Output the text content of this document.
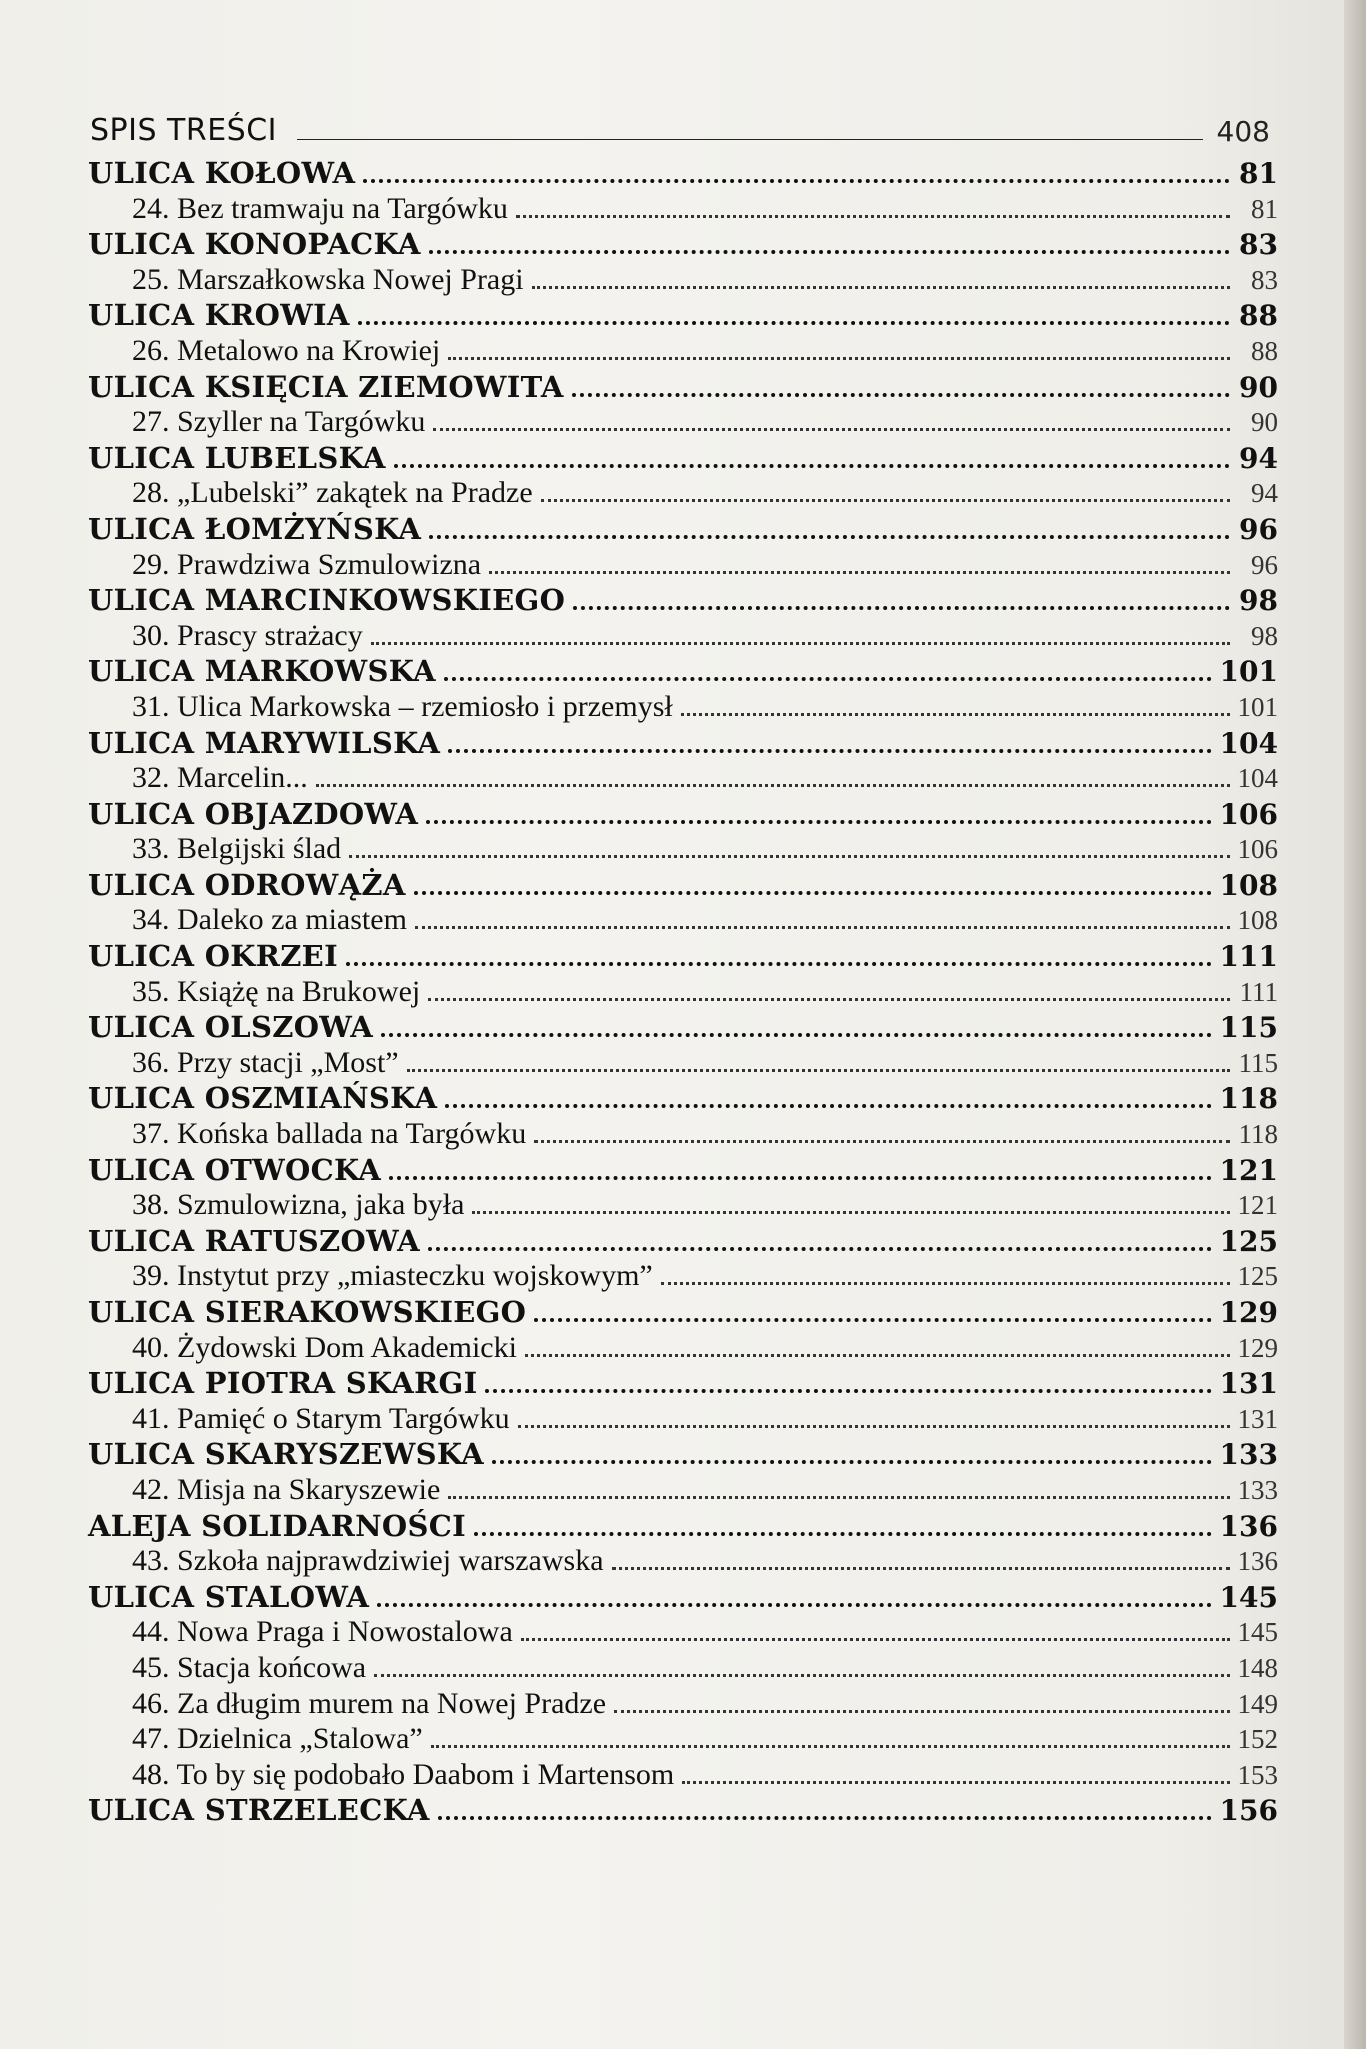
SPIS TREŚCI	408
ULICA KOŁOWA	81
24. Bez tramwaju na Targówku	81
ULICA KONOPACKA	83
25. Marszałkowska Nowej Pragi	83
ULICA KROWIA	88
26. Metalowo na Krowiej	88
ULICA KSIĘCIA ZIEMOWITA	90
27. Szyller na Targówku	90
ULICA LUBELSKA	94
28. „Lubelski” zakątek na Pradze	94
ULICA ŁOMŻYŃSKA	96
29. Prawdziwa Szmulowizna	96
ULICA MARCINKOWSKIEGO	98
30. Prascy strażacy	98
ULICA MARKOWSKA	101
31. Ulica Markowska – rzemiosło i przemysł	101
ULICA MARYWILSKA	104
32. Marcelin...	104
ULICA OBJAZDOWA	106
33. Belgijski ślad	106
ULICA ODROWĄŻA	108
34. Daleko za miastem	108
ULICA OKRZEI	111
35. Książę na Brukowej	111
ULICA OLSZOWA	115
36. Przy stacji „Most”	115
ULICA OSZMIAŃSKA	118
37. Końska ballada na Targówku	118
ULICA OTWOCKA	121
38. Szmulowizna, jaka była	121
ULICA RATUSZOWA	125
39. Instytut przy „miasteczku wojskowym”	125
ULICA SIERAKOWSKIEGO	129
40. Żydowski Dom Akademicki	129
ULICA PIOTRA SKARGI	131
41. Pamięć o Starym Targówku	131
ULICA SKARYSZEWSKA	133
42. Misja na Skaryszewie	133
ALEJA SOLIDARNOŚCI	136
43. Szkoła najprawdziwiej warszawska	136
ULICA STALOWA	145
44. Nowa Praga i Nowostalowa	145
45. Stacja końcowa	148
46. Za długim murem na Nowej Pradze	149
47. Dzielnica „Stalowa”	152
48. To by się podobało Daabom i Martensom	153
ULICA STRZELECKA	156
